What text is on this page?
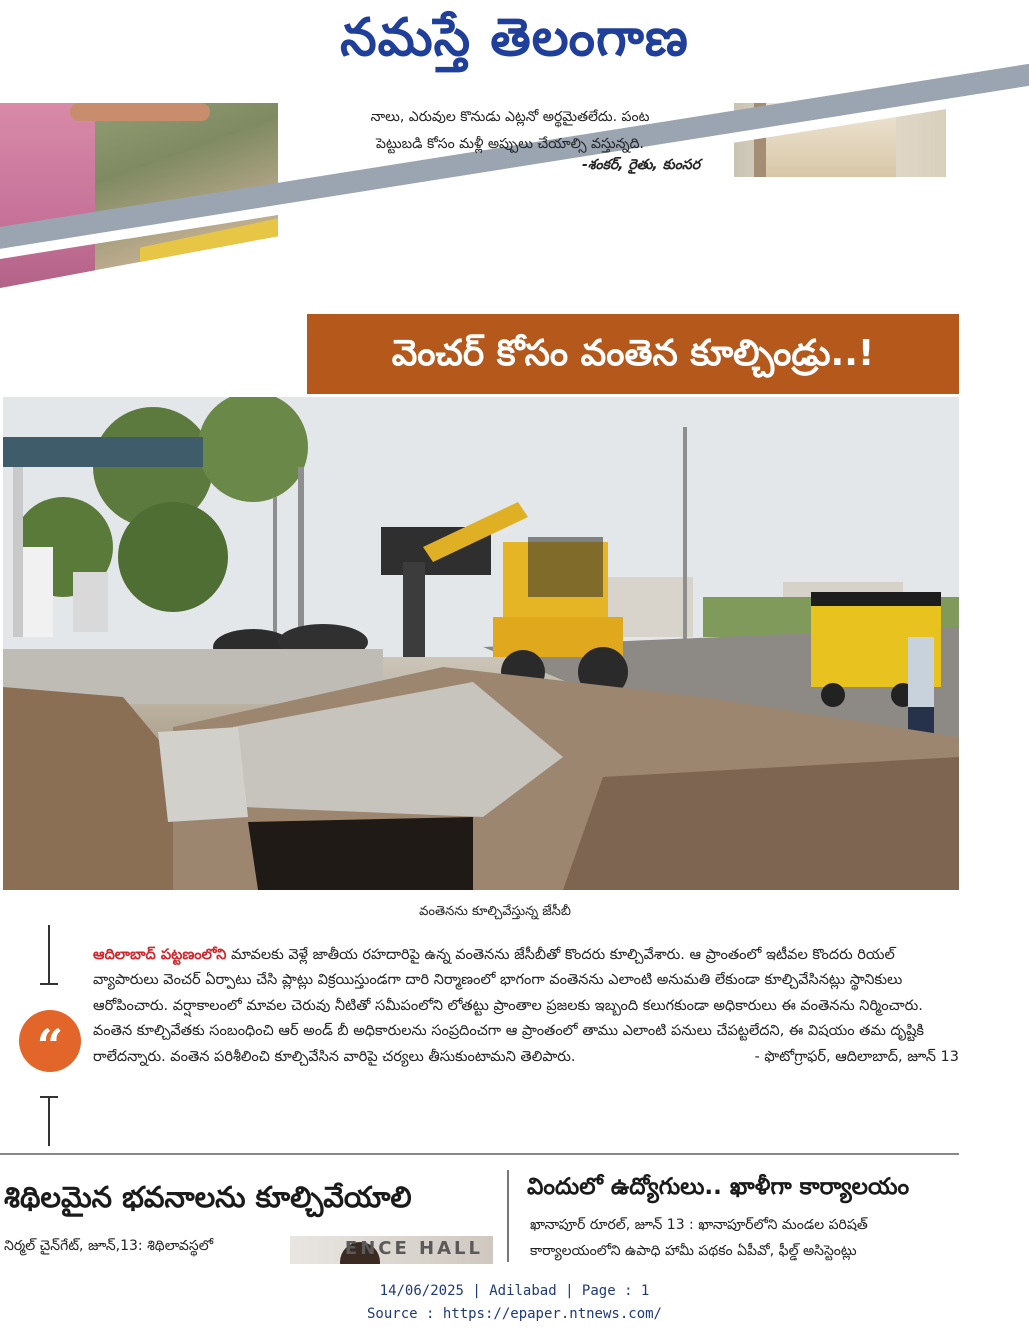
నమస్తే తెలంగాణ
నాలు, ఎరువుల కొనుడు ఎట్లనో అర్థమైతలేదు. పంట
పెట్టుబడి కోసం మళ్లీ అప్పులు చేయాల్సి వస్తున్నది.
-శంకర్‌, రైతు, కుంసర
వెంచర్‌ కోసం వంతెన కూల్చిండ్రు..!
వంతెనను కూల్చివేస్తున్న జేసీబీ
“
ఆదిలాబాద్‌ పట్టణంలోని మావలకు వెళ్లే జాతీయ రహదారిపై ఉన్న వంతెనను జేసీబీతో కొందరు కూల్చివేశారు. ఆ ప్రాంతంలో ఇటీవల కొందరు రియల్‌ వ్యాపారులు వెంచర్‌ ఏర్పాటు చేసి ప్లాట్లు విక్రయిస్తుండగా దారి నిర్మాణంలో భాగంగా వంతెనను ఎలాంటి అనుమతి లేకుండా కూల్చివేసినట్లు స్థానికులు ఆరోపించారు. వర్షాకాలంలో మావల చెరువు నీటితో సమీపంలోని లోతట్టు ప్రాంతాల ప్రజలకు ఇబ్బంది కలుగకుండా అధికారులు ఈ వంతెనను నిర్మించారు. వంతెన కూల్చివేతకు సంబంధించి ఆర్‌ అండ్‌ బీ అధికారులను సంప్రదించగా ఆ ప్రాంతంలో తాము ఎలాంటి పనులు చేపట్టలేదని, ఈ విషయం తమ దృష్టికి రాలేదన్నారు. వంతెన పరిశీలించి కూల్చివేసిన వారిపై చర్యలు తీసుకుంటామని తెలిపారు.	- ఫొటోగ్రాఫర్‌, ఆదిలాబాద్‌, జూన్‌ 13
శిథిలమైన భవనాలను కూల్చివేయాలి
నిర్మల్‌ చైన్‌గేట్‌, జూన్‌,13: శిథిలావస్థలో	ENCE HALL
విందులో ఉద్యోగులు.. ఖాళీగా కార్యాలయం
ఖానాపూర్‌ రూరల్‌, జూన్‌ 13 : ఖానాపూర్‌లోని మండల పరిషత్‌
కార్యాలయంలోని ఉపాధి హామీ పథకం ఏపీవో, ఫీల్డ్‌ అసిస్టెంట్లు
14/06/2025 | Adilabad | Page : 1
Source : https://epaper.ntnews.com/
